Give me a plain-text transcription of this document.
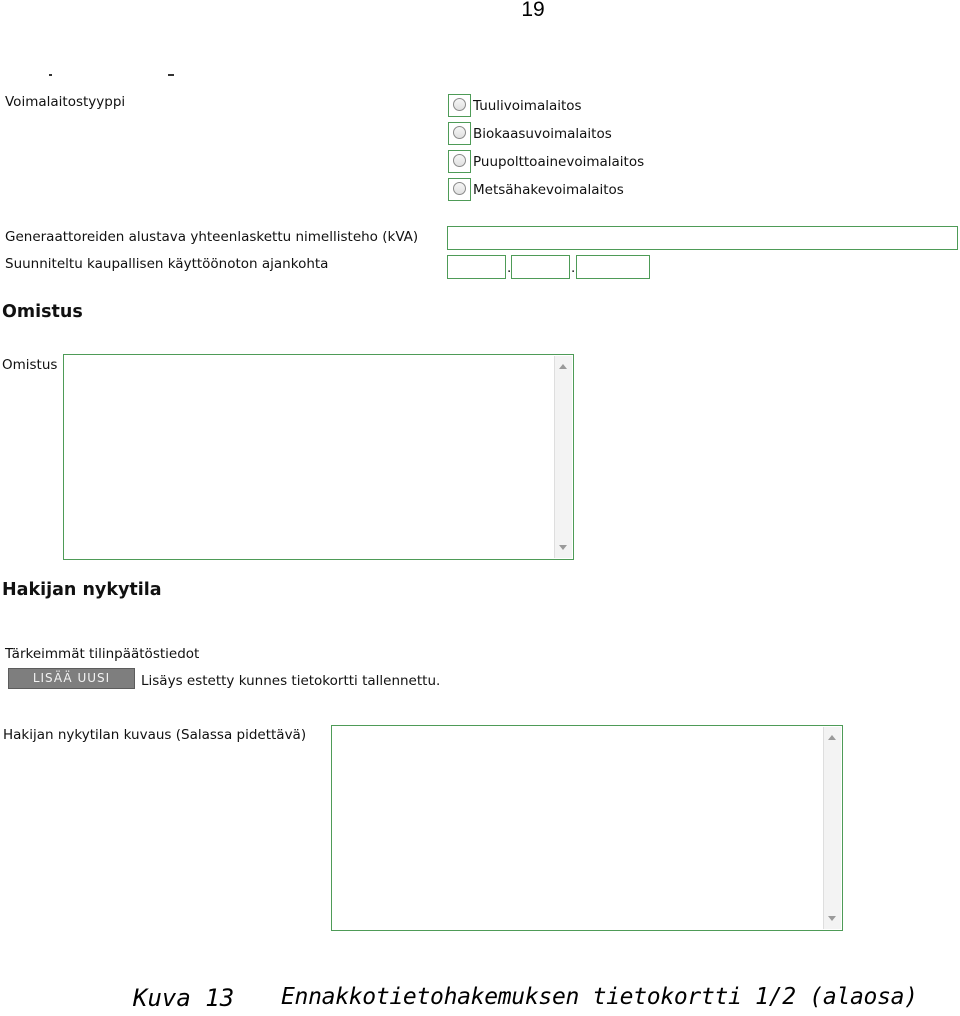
19
Voimalaitostyyppi	Tuulivoimalaitos
Biokaasuvoimalaitos
Puupolttoainevoimalaitos
Metsähakevoimalaitos
Generaattoreiden alustava yhteenlaskettu nimellisteho (kVA)
Suunniteltu kaupallisen käyttöönoton ajankohta	.	.
Omistus
Omistus
Hakijan nykytila
Tärkeimmät tilinpäätöstiedot
LISÄÄ UUSI	Lisäys estetty kunnes tietokortti tallennettu.
Hakijan nykytilan kuvaus (Salassa pidettävä)
Kuva 13 Ennakkotietohakemuksen tietokortti 1/2 (alaosa)
